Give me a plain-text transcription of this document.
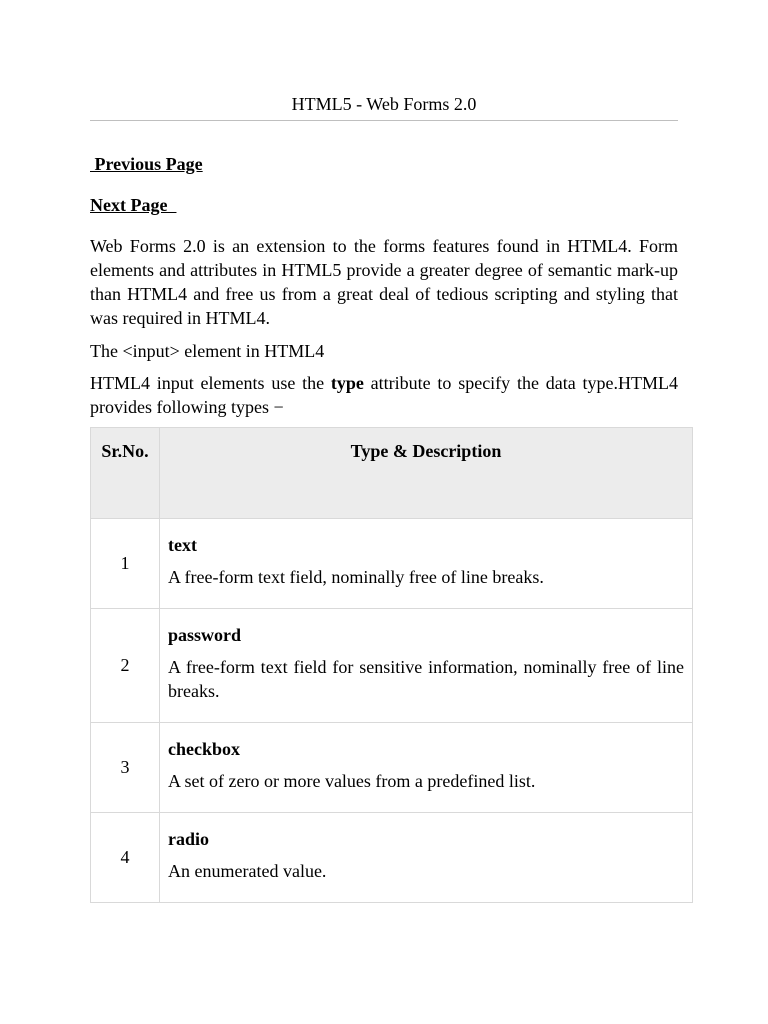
HTML5 - Web Forms 2.0
Previous Page
Next Page

Web Forms 2.0 is an extension to the forms features found in HTML4. Form elements and attributes in HTML5 provide a greater degree of semantic mark-up than HTML4 and free us from a great deal of tedious scripting and styling that was required in HTML4.

The <input> element in HTML4

HTML4 input elements use the type attribute to specify the data type.HTML4 provides following types −

Sr.No.	Type & Description
1	text

A free-form text field, nominally free of line breaks.

2	password

A free-form text field for sensitive information, nominally free of line breaks.

3	checkbox

A set of zero or more values from a predefined list.

4	radio

An enumerated value.
